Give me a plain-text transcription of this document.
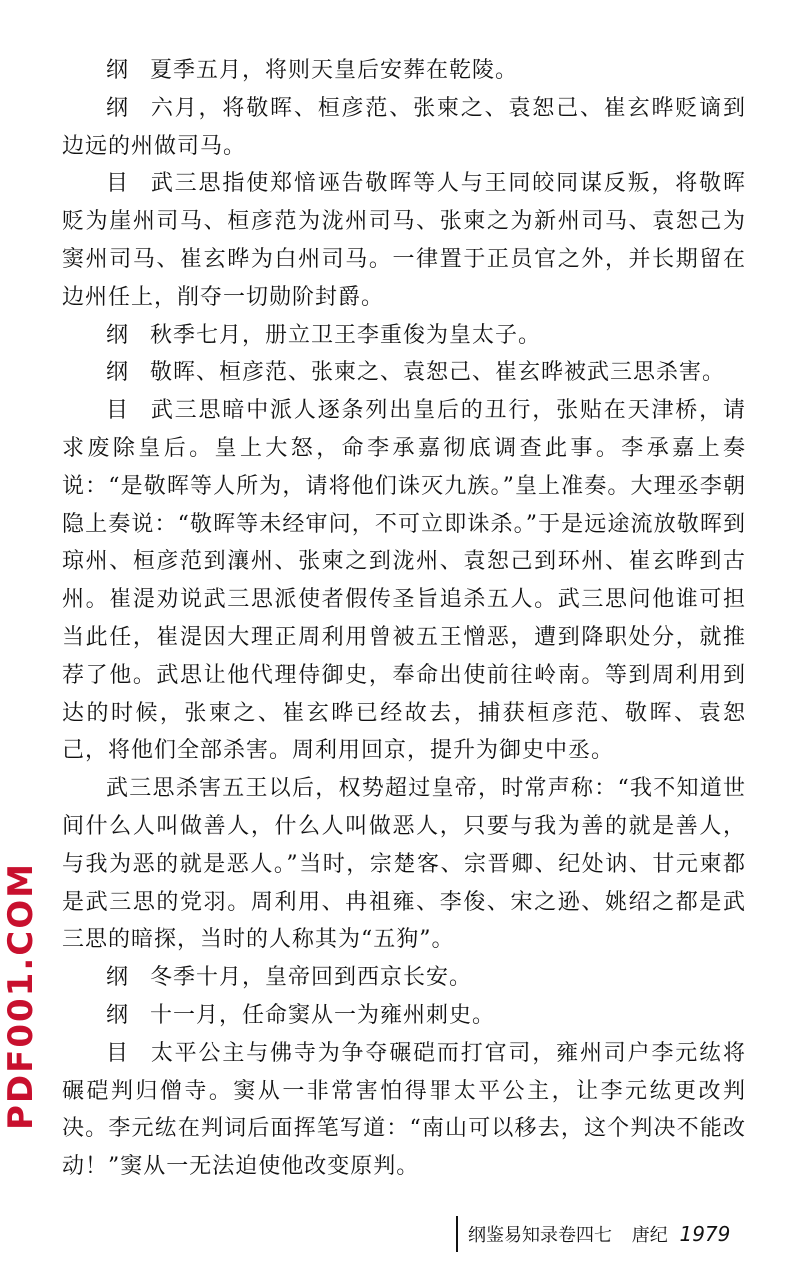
纲 夏季五月，将则天皇后安葬在乾陵。

纲 六月，将敬晖、桓彦范、张柬之、袁恕己、崔玄晔贬谪到边远的州做司马。

目 武三思指使郑愔诬告敬晖等人与王同皎同谋反叛，将敬晖贬为崖州司马、桓彦范为泷州司马、张柬之为新州司马、袁恕己为窦州司马、崔玄晔为白州司马。一律置于正员官之外，并长期留在边州任上，削夺一切勋阶封爵。

纲 秋季七月，册立卫王李重俊为皇太子。

纲 敬晖、桓彦范、张柬之、袁恕己、崔玄晔被武三思杀害。

目 武三思暗中派人逐条列出皇后的丑行，张贴在天津桥，请求废除皇后。皇上大怒，命李承嘉彻底调查此事。李承嘉上奏说：“是敬晖等人所为，请将他们诛灭九族。”皇上准奏。大理丞李朝隐上奏说：“敬晖等未经审问，不可立即诛杀。”于是远途流放敬晖到琼州、桓彦范到瀼州、张柬之到泷州、袁恕己到环州、崔玄晔到古州。崔湜劝说武三思派使者假传圣旨追杀五人。武三思问他谁可担当此任，崔湜因大理正周利用曾被五王憎恶，遭到降职处分，就推荐了他。武思让他代理侍御史，奉命出使前往岭南。等到周利用到达的时候，张柬之、崔玄晔已经故去，捕获桓彦范、敬晖、袁恕己，将他们全部杀害。周利用回京，提升为御史中丞。

武三思杀害五王以后，权势超过皇帝，时常声称：“我不知道世间什么人叫做善人，什么人叫做恶人，只要与我为善的就是善人，与我为恶的就是恶人。”当时，宗楚客、宗晋卿、纪处讷、甘元柬都是武三思的党羽。周利用、冉祖雍、李俊、宋之逊、姚绍之都是武三思的暗探，当时的人称其为“五狗”。

纲 冬季十月，皇帝回到西京长安。

纲 十一月，任命窦从一为雍州刺史。

目 太平公主与佛寺为争夺碾硙而打官司，雍州司户李元纮将碾硙判归僧寺。窦从一非常害怕得罪太平公主，让李元纮更改判决。李元纮在判词后面挥笔写道：“南山可以移去，这个判决不能改动！”窦从一无法迫使他改变原判。

PDF001.COM
纲鉴易知录卷四七 唐纪 1979
